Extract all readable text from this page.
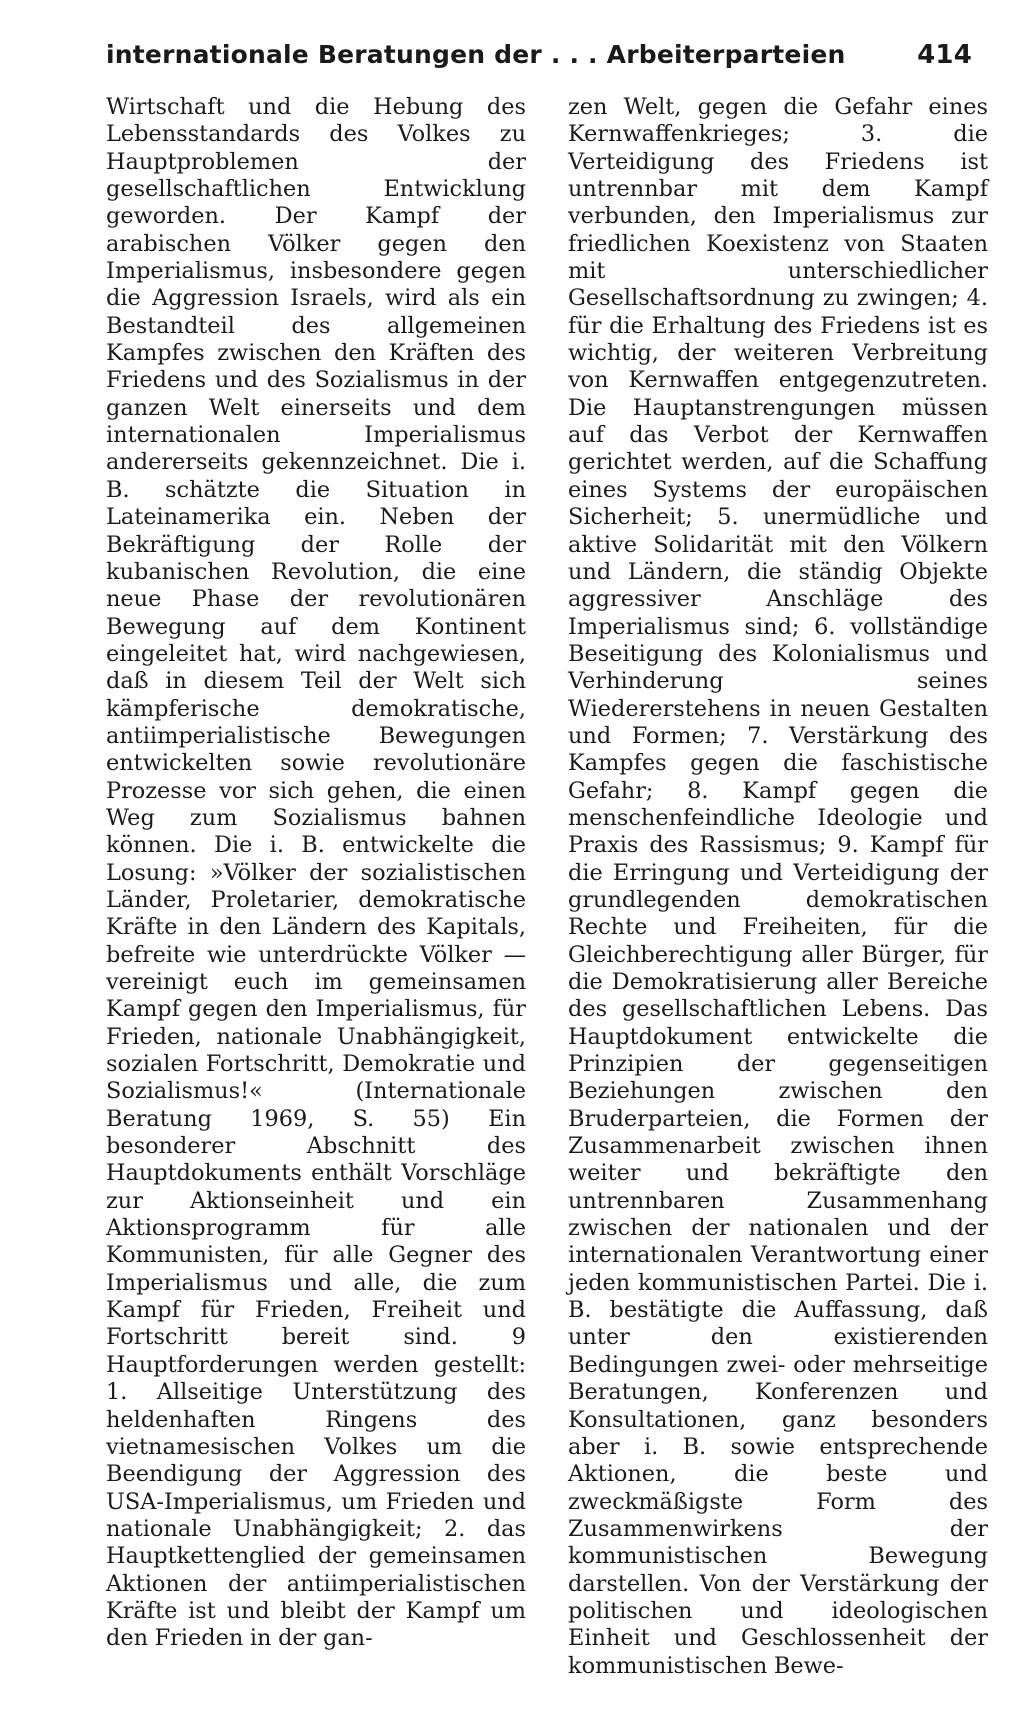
internationale Beratungen der . . . Arbeiterparteien	414

Wirtschaft und die Hebung des Lebensstandards des Volkes zu Hauptproblemen der gesellschaftlichen Entwicklung geworden. Der Kampf der arabischen Völker gegen den Imperialismus, insbesondere gegen die Aggression Israels, wird als ein Bestandteil des allgemeinen Kampfes zwischen den Kräften des Friedens und des Sozialismus in der ganzen Welt einerseits und dem internationalen Imperialismus andererseits gekennzeichnet. Die i. B. schätzte die Situation in Lateinamerika ein. Neben der Bekräftigung der Rolle der kubanischen Revolution, die eine neue Phase der revolutionären Bewegung auf dem Kontinent eingeleitet hat, wird nachgewiesen, daß in diesem Teil der Welt sich kämpferische demokratische, antiimperialistische Bewegungen entwickelten sowie revolutionäre Prozesse vor sich gehen, die einen Weg zum Sozialismus bahnen können. Die i. B. entwickelte die Losung: »Völker der sozialistischen Länder, Proletarier, demokratische Kräfte in den Ländern des Kapitals, befreite wie unterdrückte Völker — vereinigt euch im gemeinsamen Kampf gegen den Imperialismus, für Frieden, nationale Unabhängigkeit, sozialen Fortschritt, Demokratie und Sozialismus!« (Internationale Beratung 1969, S. 55) Ein besonderer Abschnitt des Hauptdokuments enthält Vorschläge zur Aktionseinheit und ein Aktionsprogramm für alle Kommunisten, für alle Gegner des Imperialismus und alle, die zum Kampf für Frieden, Freiheit und Fortschritt bereit sind. 9 Hauptforderungen werden gestellt: 1. Allseitige Unterstützung des heldenhaften Ringens des vietnamesischen Volkes um die Beendigung der Aggression des USA-Imperialismus, um Frieden und nationale Unabhängigkeit; 2. das Hauptkettenglied der gemeinsamen Aktionen der antiimperialistischen Kräfte ist und bleibt der Kampf um den Frieden in der gan-

zen Welt, gegen die Gefahr eines Kernwaffenkrieges; 3. die Verteidigung des Friedens ist untrennbar mit dem Kampf verbunden, den Imperialismus zur friedlichen Koexistenz von Staaten mit unterschiedlicher Gesellschaftsordnung zu zwingen; 4. für die Erhaltung des Friedens ist es wichtig, der weiteren Verbreitung von Kernwaffen entgegenzutreten. Die Hauptanstrengungen müssen auf das Verbot der Kernwaffen gerichtet werden, auf die Schaffung eines Systems der europäischen Sicherheit; 5. unermüdliche und aktive Solidarität mit den Völkern und Ländern, die ständig Objekte aggressiver Anschläge des Imperialismus sind; 6. vollständige Beseitigung des Kolonialismus und Verhinderung seines Wiedererstehens in neuen Gestalten und Formen; 7. Verstärkung des Kampfes gegen die faschistische Gefahr; 8. Kampf gegen die menschenfeindliche Ideologie und Praxis des Rassismus; 9. Kampf für die Erringung und Verteidigung der grundlegenden demokratischen Rechte und Freiheiten, für die Gleichberechtigung aller Bürger, für die Demokratisierung aller Bereiche des gesellschaftlichen Lebens. Das Hauptdokument entwickelte die Prinzipien der gegenseitigen Beziehungen zwischen den Bruderparteien, die Formen der Zusammenarbeit zwischen ihnen weiter und bekräftigte den untrennbaren Zusammenhang zwischen der nationalen und der internationalen Verantwortung einer jeden kommunistischen Partei. Die i. B. bestätigte die Auffassung, daß unter den existierenden Bedingungen zwei- oder mehrseitige Beratungen, Konferenzen und Konsultationen, ganz besonders aber i. B. sowie entsprechende Aktionen, die beste und zweckmäßigste Form des Zusammenwirkens der kommunistischen Bewegung darstellen. Von der Verstärkung der politischen und ideologischen Einheit und Geschlossenheit der kommunistischen Bewe-
